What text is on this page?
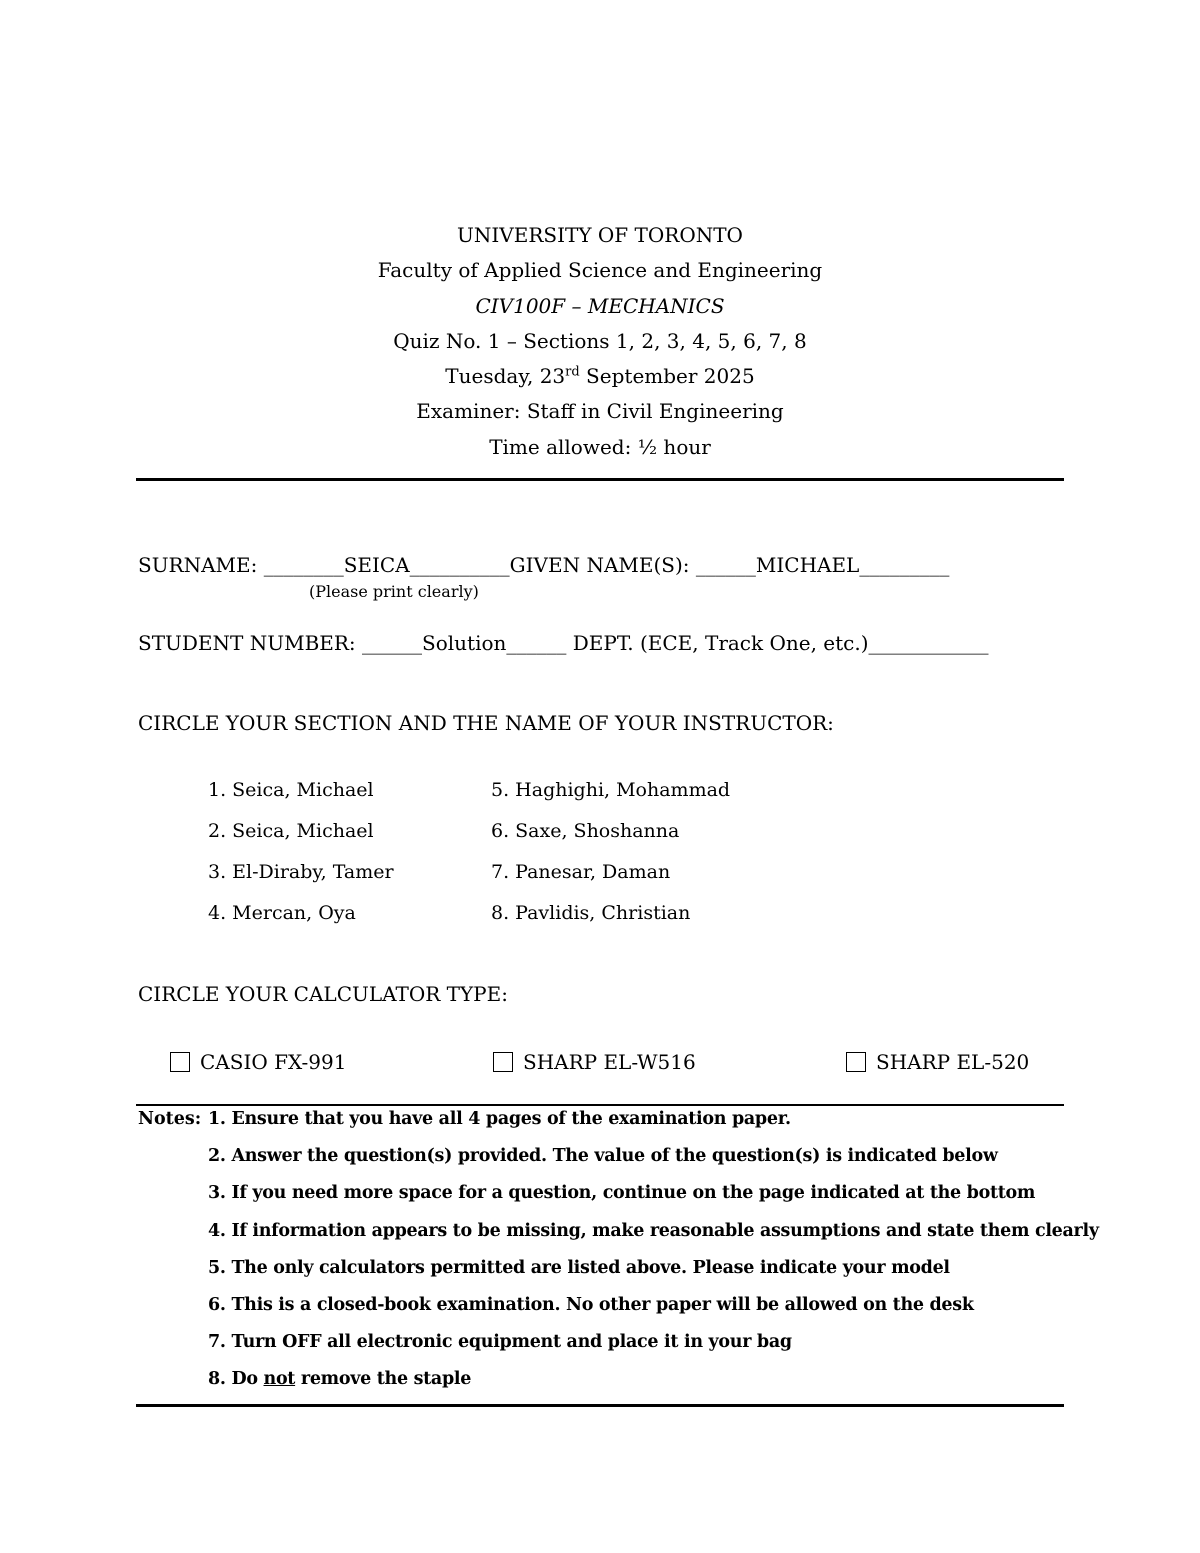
UNIVERSITY OF TORONTO
Faculty of Applied Science and Engineering
CIV100F – MECHANICS
Quiz No. 1 – Sections 1, 2, 3, 4, 5, 6, 7, 8
Tuesday, 23rd September 2025
Examiner: Staff in Civil Engineering
Time allowed: ½ hour
SURNAME: ________SEICA__________GIVEN NAME(S): ______MICHAEL_________
(Please print clearly)
STUDENT NUMBER: ______Solution______ DEPT. (ECE, Track One, etc.)____________
CIRCLE YOUR SECTION AND THE NAME OF YOUR INSTRUCTOR:
1. Seica, Michael
2. Seica, Michael
3. El-Diraby, Tamer
4. Mercan, Oya
5. Haghighi, Mohammad
6. Saxe, Shoshanna
7. Panesar, Daman
8. Pavlidis, Christian
CIRCLE YOUR CALCULATOR TYPE:
CASIO FX-991	SHARP EL-W516	SHARP EL-520
Notes: 1. Ensure that you have all 4 pages of the examination paper.
2. Answer the question(s) provided. The value of the question(s) is indicated below
3. If you need more space for a question, continue on the page indicated at the bottom
4. If information appears to be missing, make reasonable assumptions and state them clearly
5. The only calculators permitted are listed above. Please indicate your model
6. This is a closed-book examination. No other paper will be allowed on the desk
7. Turn OFF all electronic equipment and place it in your bag
8. Do not remove the staple
